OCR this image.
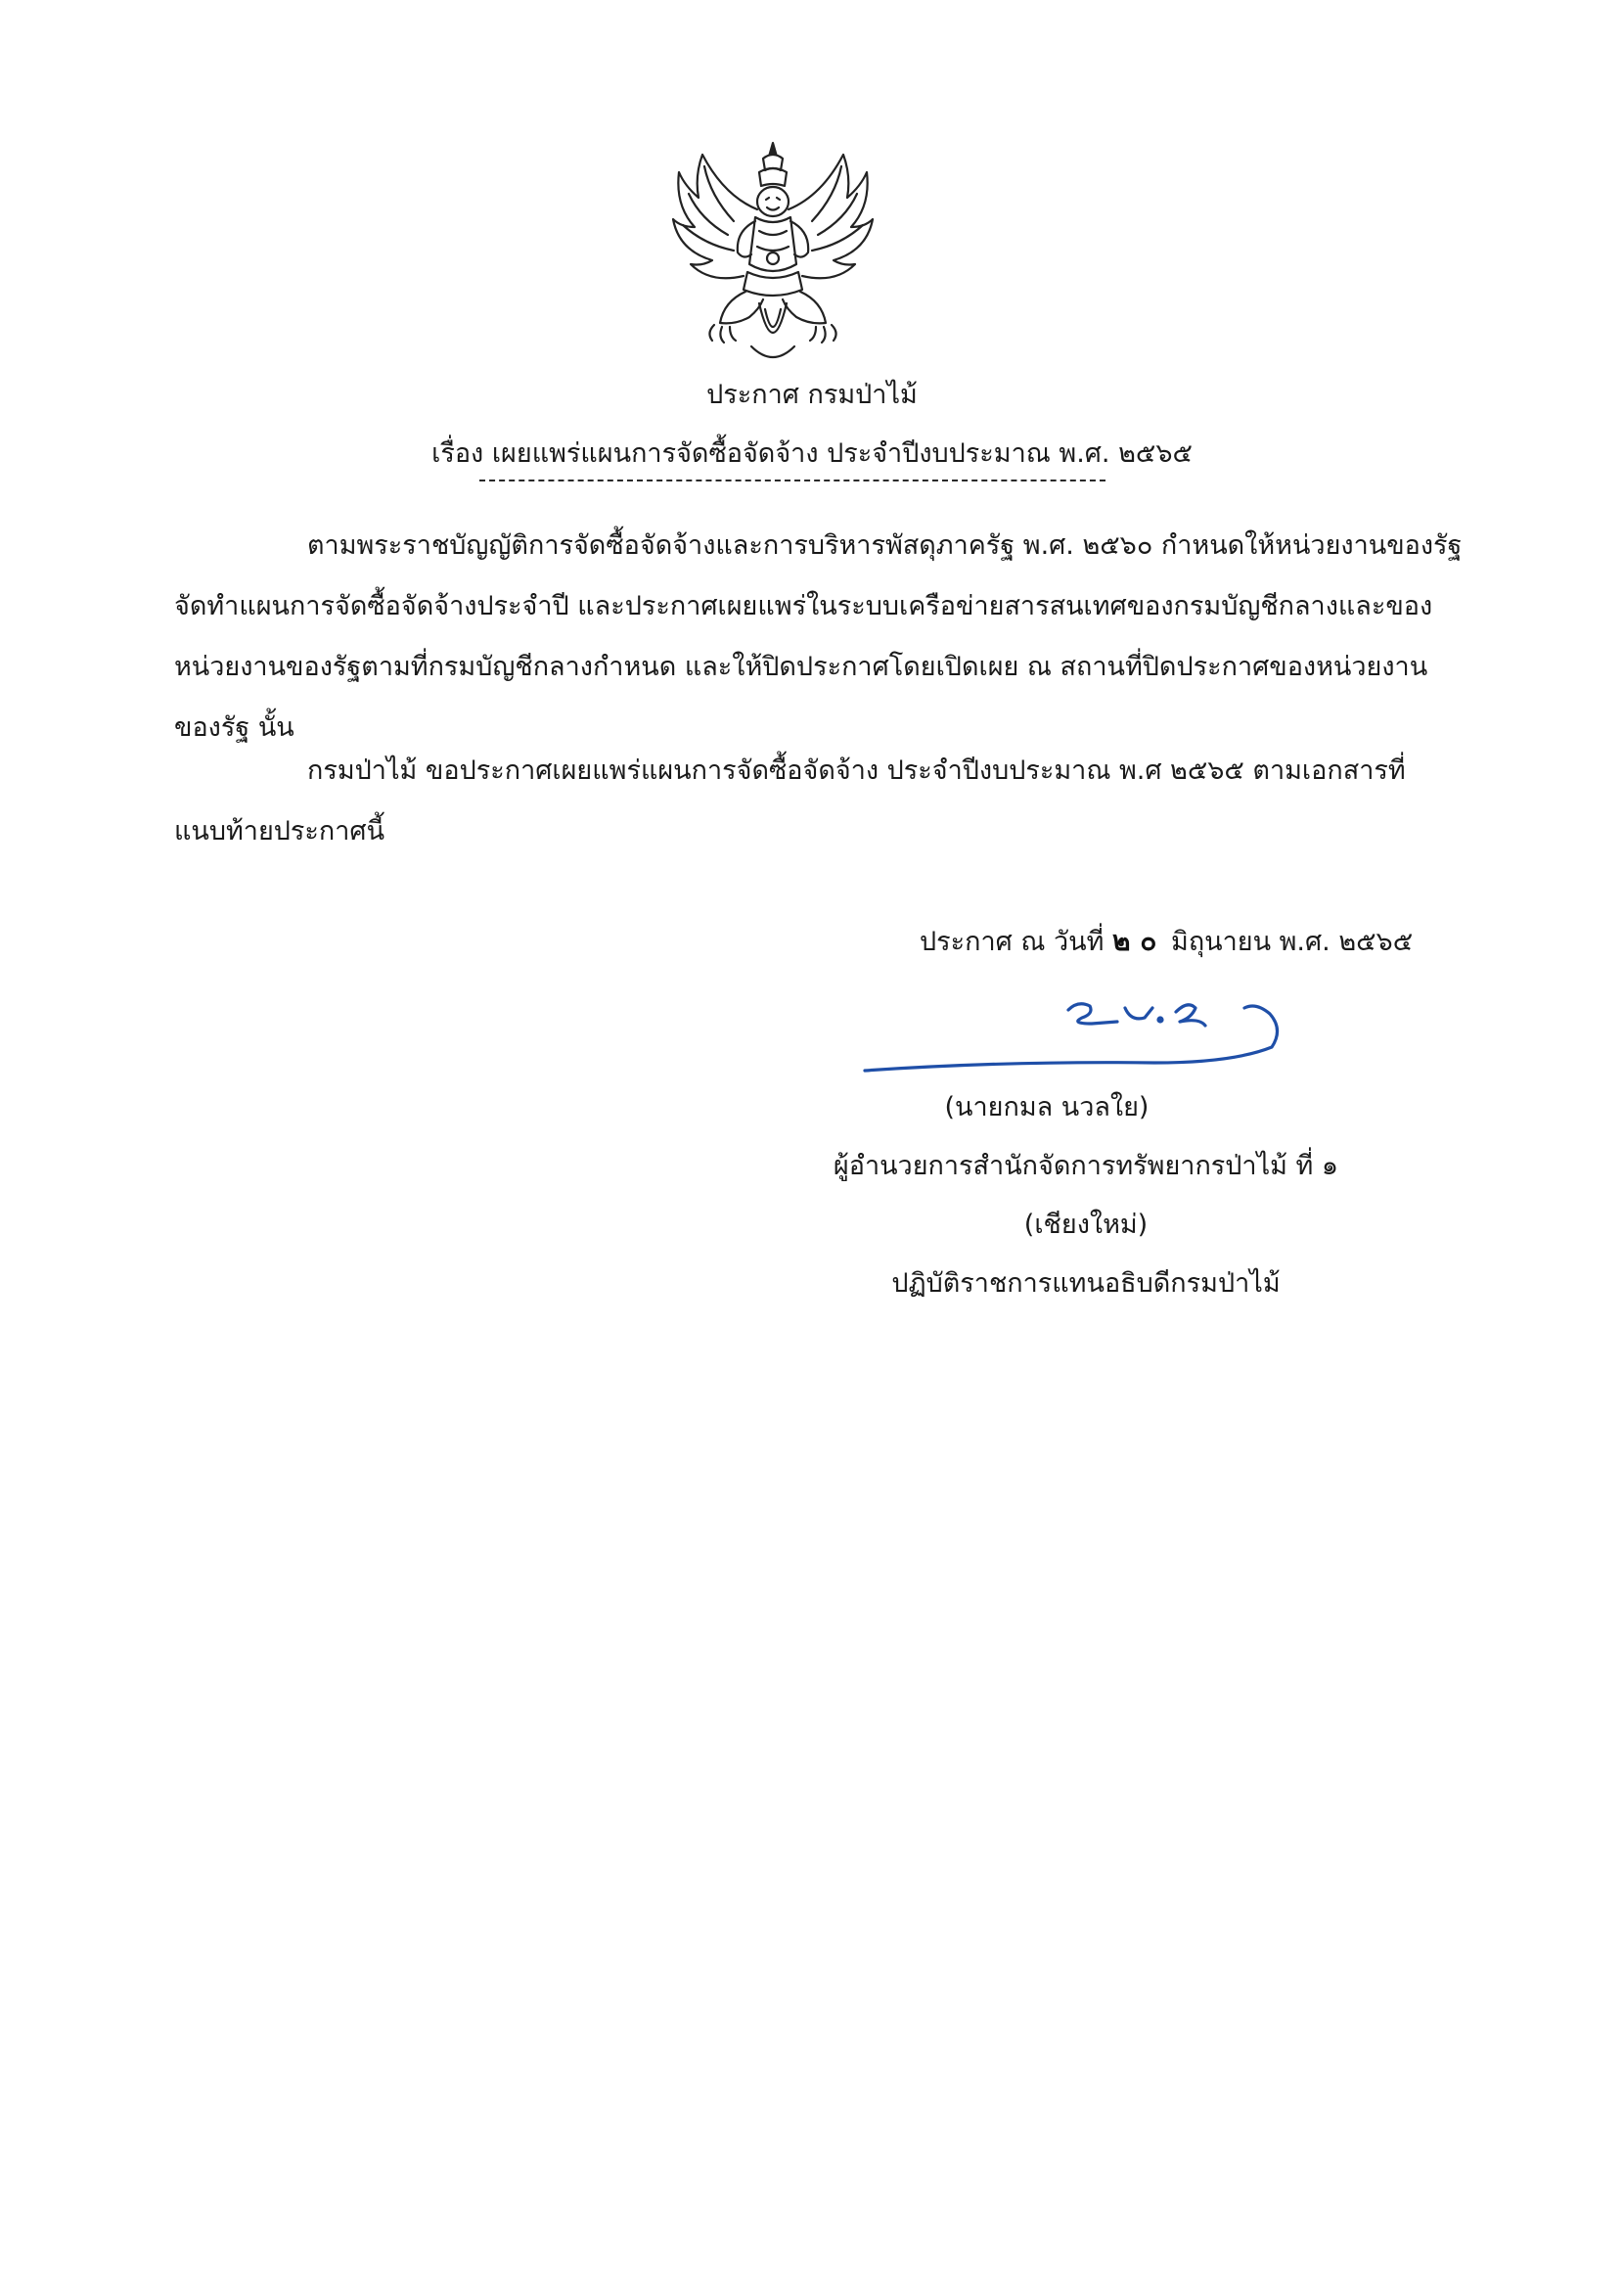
ประกาศ กรมป่าไม้
เรื่อง เผยแพร่แผนการจัดซื้อจัดจ้าง ประจำปีงบประมาณ พ.ศ. ๒๕๖๕
ตามพระราชบัญญัติการจัดซื้อจัดจ้างและการบริหารพัสดุภาครัฐ พ.ศ. ๒๕๖๐ กำหนดให้หน่วยงานของรัฐ
จัดทำแผนการจัดซื้อจัดจ้างประจำปี และประกาศเผยแพร่ในระบบเครือข่ายสารสนเทศของกรมบัญชีกลางและของ
หน่วยงานของรัฐตามที่กรมบัญชีกลางกำหนด และให้ปิดประกาศโดยเปิดเผย ณ สถานที่ปิดประกาศของหน่วยงาน
ของรัฐ นั้น
กรมป่าไม้ ขอประกาศเผยแพร่แผนการจัดซื้อจัดจ้าง ประจำปีงบประมาณ พ.ศ ๒๕๖๕ ตามเอกสารที่
แนบท้ายประกาศนี้
ประกาศ ณ วันที่ ๒ ๐ มิถุนายน พ.ศ. ๒๕๖๕
(นายกมล นวลใย)
ผู้อำนวยการสำนักจัดการทรัพยากรป่าไม้ ที่ ๑
(เชียงใหม่)
ปฏิบัติราชการแทนอธิบดีกรมป่าไม้
